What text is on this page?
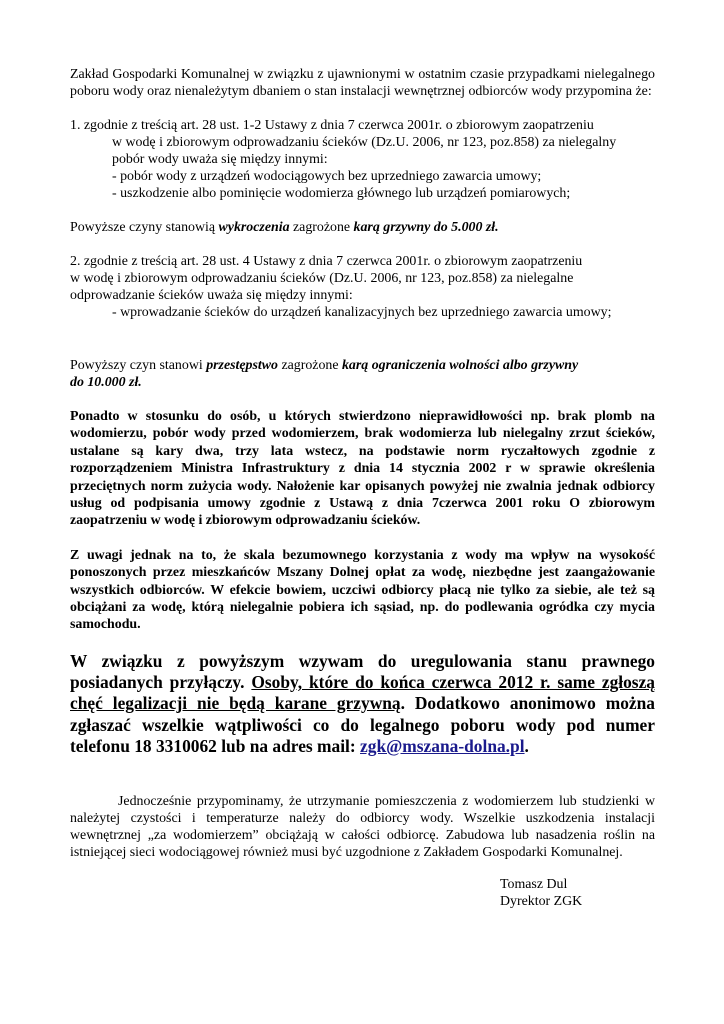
Zakład Gospodarki Komunalnej w związku z ujawnionymi w ostatnim czasie przypadkami nielegalnego poboru wody oraz nienależytym dbaniem o stan instalacji wewnętrznej odbiorców wody przypomina że:

1. zgodnie z treścią art. 28 ust. 1-2 Ustawy z dnia 7 czerwca 2001r. o zbiorowym zaopatrzeniu

w wodę i zbiorowym odprowadzaniu ścieków (Dz.U. 2006, nr 123, poz.858) za nielegalny

pobór wody uważa się między innymi:

- pobór wody z urządzeń wodociągowych bez uprzedniego zawarcia umowy;

- uszkodzenie albo pominięcie wodomierza głównego lub urządzeń pomiarowych;

Powyższe czyny stanowią wykroczenia zagrożone karą grzywny do 5.000 zł.

2. zgodnie z treścią art. 28 ust. 4 Ustawy z dnia 7 czerwca 2001r. o zbiorowym zaopatrzeniu

w wodę i zbiorowym odprowadzaniu ścieków (Dz.U. 2006, nr 123, poz.858) za nielegalne

odprowadzanie ścieków uważa się między innymi:

- wprowadzanie ścieków do urządzeń kanalizacyjnych bez uprzedniego zawarcia umowy;

Powyższy czyn stanowi przestępstwo zagrożone karą ograniczenia wolności albo grzywny

do 10.000 zł.

Ponadto w stosunku do osób, u których stwierdzono nieprawidłowości np. brak plomb na wodomierzu, pobór wody przed wodomierzem, brak wodomierza lub nielegalny zrzut ścieków, ustalane są kary dwa, trzy lata wstecz, na podstawie norm ryczałtowych zgodnie z rozporządzeniem Ministra Infrastruktury z dnia 14 stycznia 2002 r w sprawie określenia przeciętnych norm zużycia wody. Nałożenie kar opisanych powyżej nie zwalnia jednak odbiorcy usług od podpisania umowy zgodnie z Ustawą z dnia 7czerwca 2001 roku O zbiorowym zaopatrzeniu w wodę i zbiorowym odprowadzaniu ścieków.

Z uwagi jednak na to, że skala bezumownego korzystania z wody ma wpływ na wysokość ponoszonych przez mieszkańców Mszany Dolnej opłat za wodę, niezbędne jest zaangażowanie wszystkich odbiorców. W efekcie bowiem, uczciwi odbiorcy płacą nie tylko za siebie, ale też są obciążani za wodę, którą nielegalnie pobiera ich sąsiad, np. do podlewania ogródka czy mycia samochodu.

W związku z powyższym wzywam do uregulowania stanu prawnego posiadanych przyłączy. Osoby, które do końca czerwca 2012 r. same zgłoszą chęć legalizacji nie będą karane grzywną. Dodatkowo anonimowo można zgłaszać wszelkie wątpliwości co do legalnego poboru wody pod numer telefonu 18 3310062 lub na adres mail: zgk@mszana-dolna.pl.

Jednocześnie przypominamy, że utrzymanie pomieszczenia z wodomierzem lub studzienki w należytej czystości i temperaturze należy do odbiorcy wody. Wszelkie uszkodzenia instalacji wewnętrznej „za wodomierzem” obciążają w całości odbiorcę. Zabudowa lub nasadzenia roślin na istniejącej sieci wodociągowej również musi być uzgodnione z Zakładem Gospodarki Komunalnej.

Tomasz Dul

Dyrektor ZGK
